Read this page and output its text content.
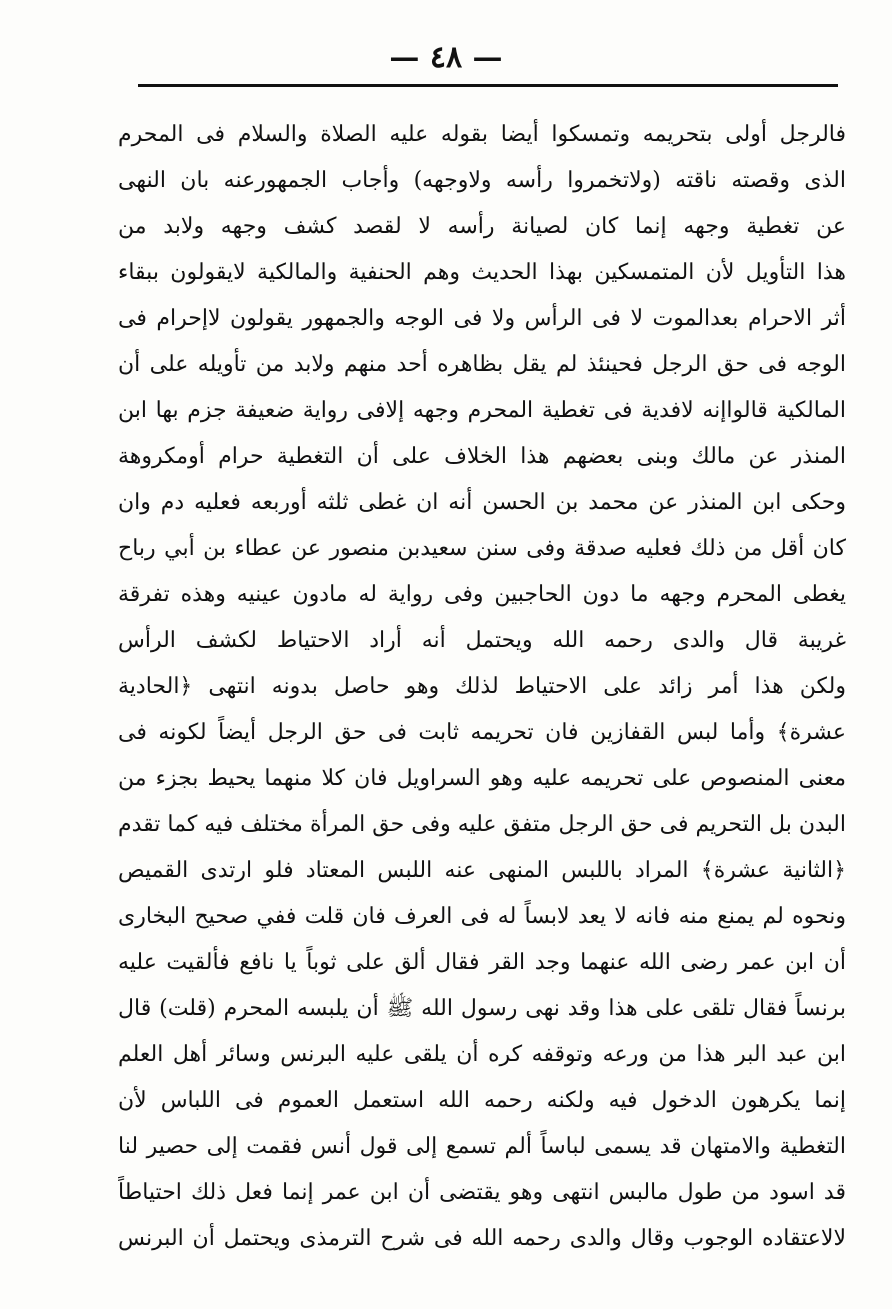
— ٤٨ —
فالرجل أولى بتحريمه وتمسكوا أيضا بقوله عليه الصلاة والسلام فى المحرم
الذى وقصته ناقته (ولاتخمروا رأسه ولاوجهه) وأجاب الجمهورعنه بان النهى
عن تغطية وجهه إنما كان لصيانة رأسه لا لقصد كشف وجهه ولابد من
هذا التأويل لأن المتمسكين بهذا الحديث وهم الحنفية والمالكية لايقولون ببقاء
أثر الاحرام بعدالموت لا فى الرأس ولا فى الوجه والجمهور يقولون لاإحرام فى
الوجه فى حق الرجل فحينئذ لم يقل بظاهره أحد منهم ولابد من تأويله على أن
المالكية قالواإنه لافدية فى تغطية المحرم وجهه إلافى رواية ضعيفة جزم بها ابن
المنذر عن مالك وبنى بعضهم هذا الخلاف على أن التغطية حرام أومكروهة
وحكى ابن المنذر عن محمد بن الحسن أنه ان غطى ثلثه أوربعه فعليه دم وان
كان أقل من ذلك فعليه صدقة وفى سنن سعيدبن منصور عن عطاء بن أبي رباح
يغطى المحرم وجهه ما دون الحاجبين وفى رواية له مادون عينيه وهذه تفرقة
غريبة قال والدى رحمه الله ويحتمل أنه أراد الاحتياط لكشف الرأس
ولكن هذا أمر زائد على الاحتياط لذلك وهو حاصل بدونه انتهى ﴿الحادية
عشرة﴾ وأما لبس القفازين فان تحريمه ثابت فى حق الرجل أيضاً لكونه فى
معنى المنصوص على تحريمه عليه وهو السراويل فان كلا منهما يحيط بجزء من
البدن بل التحريم فى حق الرجل متفق عليه وفى حق المرأة مختلف فيه كما تقدم
﴿الثانية عشرة﴾ المراد باللبس المنهى عنه اللبس المعتاد فلو ارتدى القميص
ونحوه لم يمنع منه فانه لا يعد لابساً له فى العرف فان قلت ففي صحيح البخارى
أن ابن عمر رضى الله عنهما وجد القر فقال ألق على ثوباً يا نافع فألقيت عليه
برنساً فقال تلقى على هذا وقد نهى رسول الله ﷺ أن يلبسه المحرم (قلت) قال
ابن عبد البر هذا من ورعه وتوقفه كره أن يلقى عليه البرنس وسائر أهل العلم
إنما يكرهون الدخول فيه ولكنه رحمه الله استعمل العموم فى اللباس لأن
التغطية والامتهان قد يسمى لباساً ألم تسمع إلى قول أنس فقمت إلى حصير لنا
قد اسود من طول مالبس انتهى وهو يقتضى أن ابن عمر إنما فعل ذلك احتياطاً
لالاعتقاده الوجوب وقال والدى رحمه الله فى شرح الترمذى ويحتمل أن البرنس
